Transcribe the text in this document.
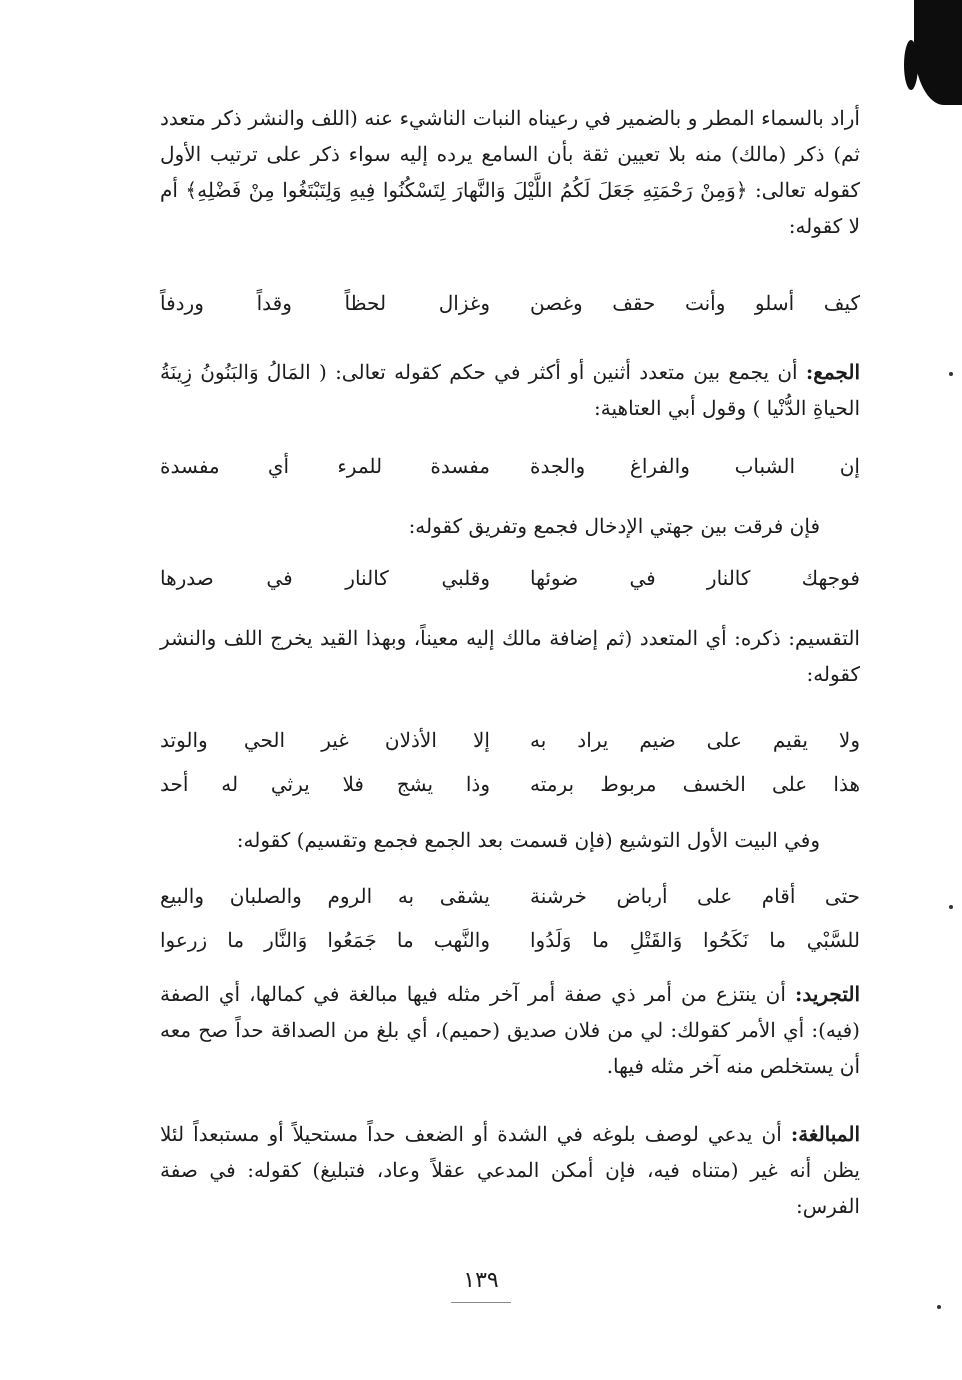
أراد بالسماء المطر و بالضمير في رعيناه النبات الناشيء عنه (اللف والنشر ذكر متعدد ثم) ذكر (مالك) منه بلا تعيين ثقة بأن السامع يرده إليه سواء ذكر على ترتيب الأول كقوله تعالى: ﴿وَمِنْ رَحْمَتِهِ جَعَلَ لَكُمُ اللَّيْلَ وَالنَّهارَ لِتَسْكُنُوا فِيهِ وَلِتَبْتَغُوا مِنْ فَضْلِهِ﴾ أم لا كقوله:
كيف أسلو وأنت حقف وغصن
وغزال لحظاً وقداً وردفاً
الجمع: أن يجمع بين متعدد أثنين أو أكثر في حكم كقوله تعالى: ( المَالُ وَالبَنُونُ زِينَةُ الحياةِ الدُّنْيا ) وقول أبي العتاهية:
إن الشباب والفراغ والجدة
مفسدة للمرء أي مفسدة
فإن فرقت بين جهتي الإدخال فجمع وتفريق كقوله:
فوجهك كالنار في ضوئها
وقلبي كالنار في صدرها
التقسيم: ذكره: أي المتعدد (ثم إضافة مالك إليه معيناً، وبهذا القيد يخرج اللف والنشر كقوله:
ولا يقيم على ضيم يراد به
إلا الأذلان غير الحي والوتد
هذا على الخسف مربوط برمته
وذا يشج فلا يرثي له أحد
وفي البيت الأول التوشيع (فإن قسمت بعد الجمع فجمع وتقسيم) كقوله:
حتى أقام على أرباض خرشنة
يشقى به الروم والصلبان والبيع
للسَّبْي ما نَكَحُوا وَالقَتْلِ ما وَلَدُوا
والنَّهب ما جَمَعُوا وَالنَّار ما زرعوا
التجريد: أن ينتزع من أمر ذي صفة أمر آخر مثله فيها مبالغة في كمالها، أي الصفة (فيه): أي الأمر كقولك: لي من فلان صديق (حميم)، أي بلغ من الصداقة حداً صح معه أن يستخلص منه آخر مثله فيها.
المبالغة: أن يدعي لوصف بلوغه في الشدة أو الضعف حداً مستحيلاً أو مستبعداً لئلا يظن أنه غير (متناه فيه، فإن أمكن المدعي عقلاً وعاد، فتبليغ) كقوله: في صفة الفرس:
١٣٩
